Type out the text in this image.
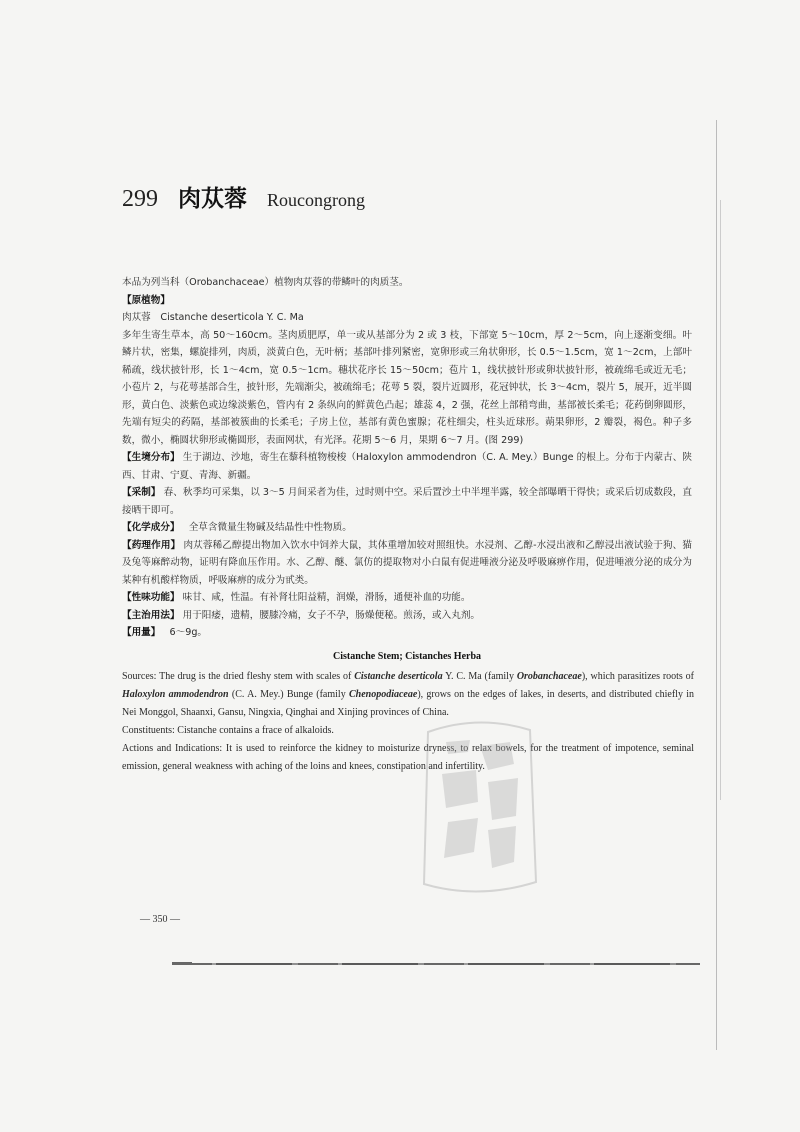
299 肉苁蓉 Roucongrong

本品为列当科（Orobanchaceae）植物肉苁蓉的带鳞叶的肉质茎。

【原植物】

肉苁蓉　Cistanche deserticola Y. C. Ma

多年生寄生草本，高 50～160cm。茎肉质肥厚，单一或从基部分为 2 或 3 枝，下部宽 5～10cm，厚 2～5cm，向上逐渐变细。叶鳞片状，密集，螺旋排列，肉质，淡黄白色，无叶柄；基部叶排列紧密，宽卵形或三角状卵形，长 0.5～1.5cm，宽 1～2cm，上部叶稀疏，线状披针形，长 1～4cm，宽 0.5～1cm。穗状花序长 15～50cm；苞片 1，线状披针形或卵状披针形，被疏绵毛或近无毛；小苞片 2，与花萼基部合生，披针形，先端渐尖，被疏绵毛；花萼 5 裂，裂片近圆形，花冠钟状，长 3～4cm，裂片 5，展开，近半圆形，黄白色、淡紫色或边缘淡紫色，管内有 2 条纵向的鲜黄色凸起；雄蕊 4，2 强，花丝上部稍弯曲，基部被长柔毛；花药倒卵圆形，先端有短尖的药隔，基部被簇曲的长柔毛；子房上位，基部有黄色蜜腺；花柱细尖，柱头近球形。蒴果卵形，2 瓣裂，褐色。种子多数，微小，椭圆状卵形或椭圆形，表面网状，有光泽。花期 5～6 月，果期 6～7 月。(图 299)

【生境分布】 生于湖边、沙地，寄生在藜科植物梭梭（Haloxylon ammodendron（C. A. Mey.）Bunge 的根上。分布于内蒙古、陕西、甘肃、宁夏、青海、新疆。

【采制】 春、秋季均可采集，以 3～5 月间采者为佳，过时则中空。采后置沙土中半埋半露，较全部曝晒干得快；或采后切成数段，直接晒干即可。

【化学成分】 全草含微量生物碱及结晶性中性物质。

【药理作用】 肉苁蓉稀乙醇提出物加入饮水中饲养大鼠，其体重增加较对照组快。水浸剂、乙醇-水浸出液和乙醇浸出液试验于狗、猫及兔等麻醉动物，证明有降血压作用。水、乙醇、醚、氯仿的提取物对小白鼠有促进唾液分泌及呼吸麻痹作用，促进唾液分泌的成分为某种有机酸样物质，呼吸麻痹的成分为甙类。

【性味功能】 味甘、咸，性温。有补肾壮阳益精，润燥，滑肠，通便补血的功能。

【主治用法】 用于阳痿，遗精，腰膝冷痛，女子不孕，肠燥便秘。煎汤，或入丸剂。

【用量】 6～9g。

Cistanche Stem; Cistanches Herba

Sources: The drug is the dried fleshy stem with scales of Cistanche deserticola Y. C. Ma (family Orobanchaceae), which parasitizes roots of Haloxylon ammodendron (C. A. Mey.) Bunge (family Chenopodiaceae), grows on the edges of lakes, in deserts, and distributed chiefly in Nei Monggol, Shaanxi, Gansu, Ningxia, Qinghai and Xinjing provinces of China.

Constituents: Cistanche contains a frace of alkaloids.

Actions and Indications: It is used to reinforce the kidney to moisturize dryness, to relax bowels, for the treatment of impotence, seminal emission, general weakness with aching of the loins and knees, constipation and infertility.

— 350 —
